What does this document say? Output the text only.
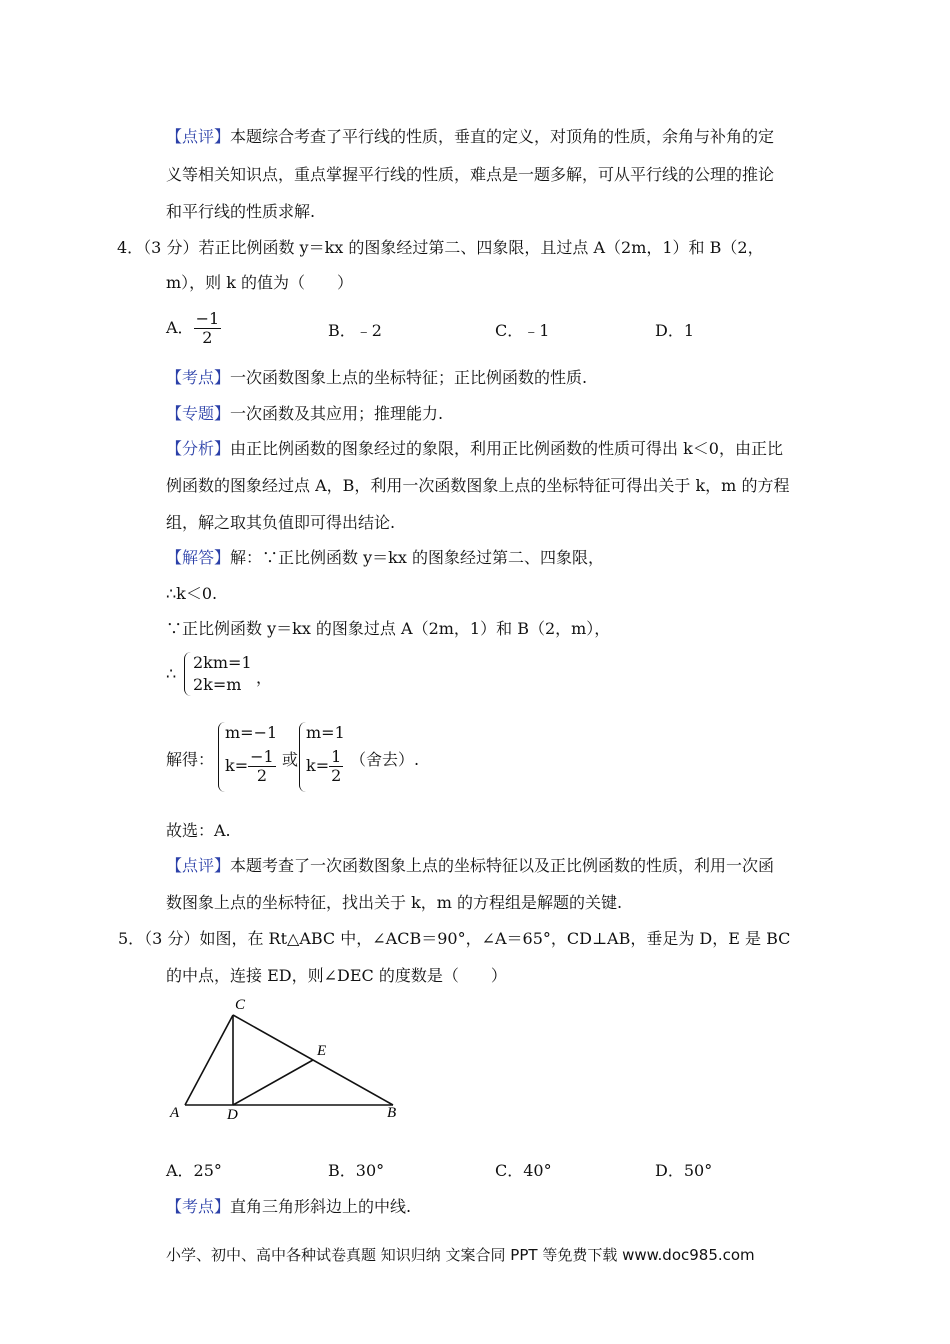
【点评】本题综合考查了平行线的性质，垂直的定义，对顶角的性质，余角与补角的定
义等相关知识点，重点掌握平行线的性质，难点是一题多解，可从平行线的公理的推论
和平行线的性质求解.
4．（3 分）若正比例函数 y＝kx 的图象经过第二、四象限，且过点 A（2m，1）和 B（2，
m），则 k 的值为（　　）
A． $\frac{-1}{2}$	B．﹣2	C．﹣1	D．1
【考点】一次函数图象上点的坐标特征；正比例函数的性质.
【专题】一次函数及其应用；推理能力.
【分析】由正比例函数的图象经过的象限，利用正比例函数的性质可得出 k＜0，由正比
例函数的图象经过点 A，B，利用一次函数图象上点的坐标特征可得出关于 k，m 的方程
组，解之取其负值即可得出结论.
【解答】解：∵正比例函数 y＝kx 的图象经过第二、四象限，
∴k＜0.
∵正比例函数 y＝kx 的图象过点 A（2m，1）和 B（2，m），
∴
2km=1
2k=m ，
解得：
m=−1
$k= \frac{-1}{2}$ 或
m=1
$k= \frac{1}{2}$ （舍去）.
故选：A.
【点评】本题考查了一次函数图象上点的坐标特征以及正比例函数的性质，利用一次函
数图象上点的坐标特征，找出关于 k，m 的方程组是解题的关键.
5．（3 分）如图，在 Rt△ABC 中，∠ACB＝90°，∠A＝65°，CD⊥AB，垂足为 D，E 是 BC
的中点，连接 ED，则∠DEC 的度数是（　　）
A	D	B
C
E
A．25°	B．30°	C．40°	D．50°
【考点】直角三角形斜边上的中线.
小学、初中、高中各种试卷真题 知识归纳 文案合同 PPT 等免费下载 www.doc985.com
